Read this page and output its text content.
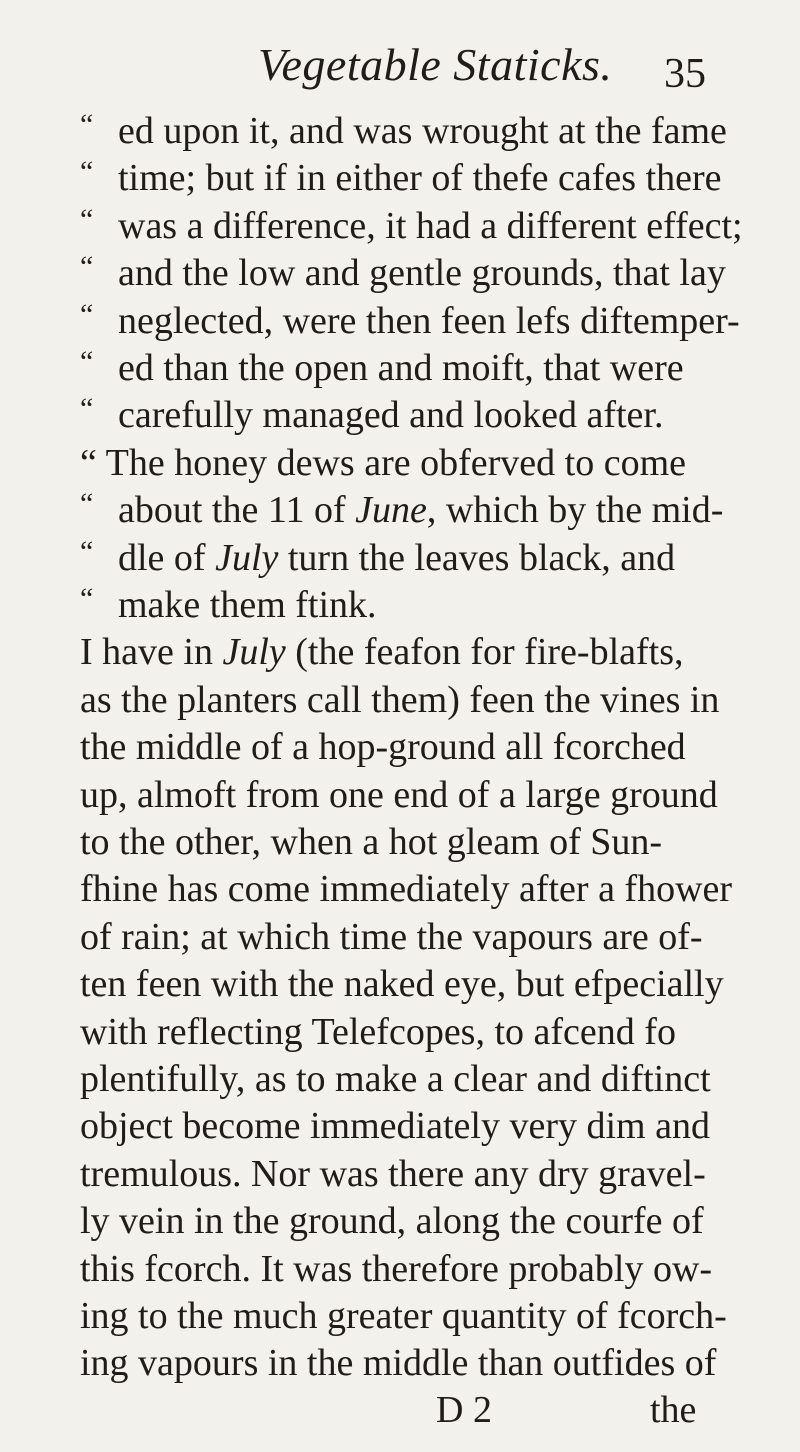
Vegetable Staticks. 35
“ ed upon it, and was wrought at the fame
“ time; but if in either of thefe cafes there
“ was a difference, it had a different effect;
“ and the low and gentle grounds, that lay
“ neglected, were then feen lefs diftemper-
“ ed than the open and moift, that were
“ carefully managed and looked after.
“ The honey dews are obferved to come
“ about the 11 of June, which by the mid-
“ dle of July turn the leaves black, and
“ make them ftink.
I have in July (the feafon for fire-blafts,
as the planters call them) feen the vines in
the middle of a hop-ground all fcorched
up, almoft from one end of a large ground
to the other, when a hot gleam of Sun-
fhine has come immediately after a fhower
of rain; at which time the vapours are of-
ten feen with the naked eye, but efpecially
with reflecting Telefcopes, to afcend fo
plentifully, as to make a clear and diftinct
object become immediately very dim and
tremulous. Nor was there any dry gravel-
ly vein in the ground, along the courfe of
this fcorch. It was therefore probably ow-
ing to the much greater quantity of fcorch-
ing vapours in the middle than outfides of
D 2	the
